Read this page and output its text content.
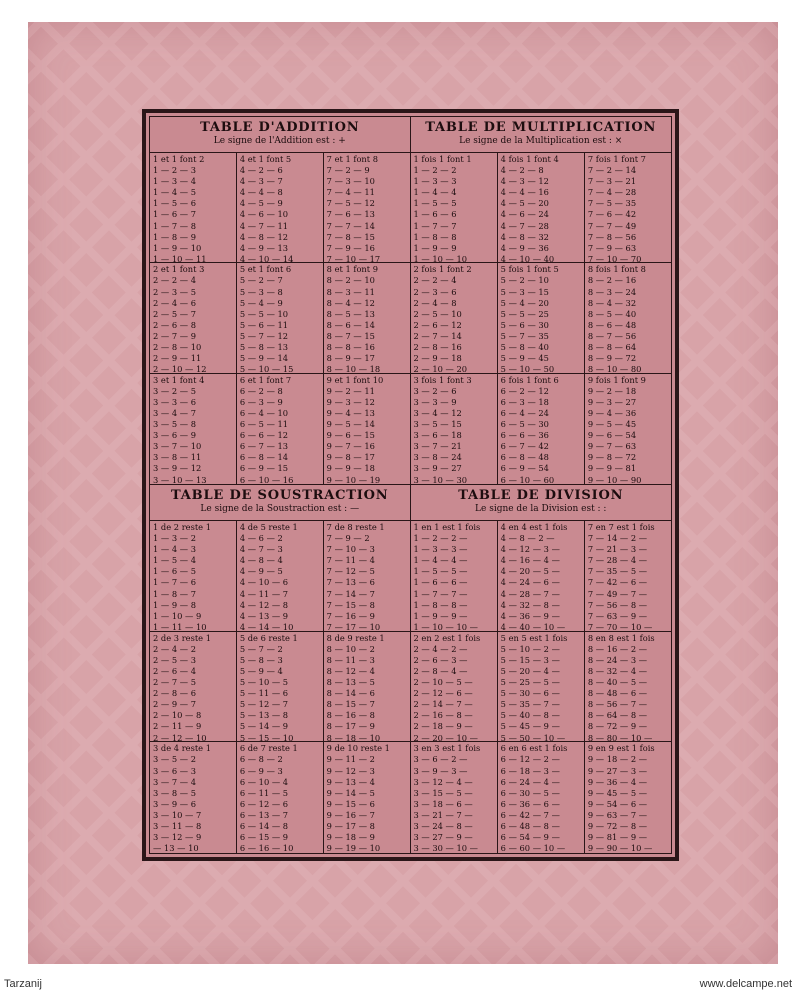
TABLE D'ADDITION
Le signe de l'Addition est : +
1 et 1 font 2
1 — 2 — 3
1 — 3 — 4
1 — 4 — 5
1 — 5 — 6
1 — 6 — 7
1 — 7 — 8
1 — 8 — 9
1 — 9 — 10
1 — 10 — 11
4 et 1 font 5
4 — 2 — 6
4 — 3 — 7
4 — 4 — 8
4 — 5 — 9
4 — 6 — 10
4 — 7 — 11
4 — 8 — 12
4 — 9 — 13
4 — 10 — 14
7 et 1 font 8
7 — 2 — 9
7 — 3 — 10
7 — 4 — 11
7 — 5 — 12
7 — 6 — 13
7 — 7 — 14
7 — 8 — 15
7 — 9 — 16
7 — 10 — 17
2 et 1 font 3
2 — 2 — 4
2 — 3 — 5
2 — 4 — 6
2 — 5 — 7
2 — 6 — 8
2 — 7 — 9
2 — 8 — 10
2 — 9 — 11
2 — 10 — 12
5 et 1 font 6
5 — 2 — 7
5 — 3 — 8
5 — 4 — 9
5 — 5 — 10
5 — 6 — 11
5 — 7 — 12
5 — 8 — 13
5 — 9 — 14
5 — 10 — 15
8 et 1 font 9
8 — 2 — 10
8 — 3 — 11
8 — 4 — 12
8 — 5 — 13
8 — 6 — 14
8 — 7 — 15
8 — 8 — 16
8 — 9 — 17
8 — 10 — 18
3 et 1 font 4
3 — 2 — 5
3 — 3 — 6
3 — 4 — 7
3 — 5 — 8
3 — 6 — 9
3 — 7 — 10
3 — 8 — 11
3 — 9 — 12
3 — 10 — 13
6 et 1 font 7
6 — 2 — 8
6 — 3 — 9
6 — 4 — 10
6 — 5 — 11
6 — 6 — 12
6 — 7 — 13
6 — 8 — 14
6 — 9 — 15
6 — 10 — 16
9 et 1 font 10
9 — 2 — 11
9 — 3 — 12
9 — 4 — 13
9 — 5 — 14
9 — 6 — 15
9 — 7 — 16
9 — 8 — 17
9 — 9 — 18
9 — 10 — 19
TABLE DE MULTIPLICATION
Le signe de la Multiplication est : ×
1 fois 1 font 1
1 — 2 — 2
1 — 3 — 3
1 — 4 — 4
1 — 5 — 5
1 — 6 — 6
1 — 7 — 7
1 — 8 — 8
1 — 9 — 9
1 — 10 — 10
4 fois 1 font 4
4 — 2 — 8
4 — 3 — 12
4 — 4 — 16
4 — 5 — 20
4 — 6 — 24
4 — 7 — 28
4 — 8 — 32
4 — 9 — 36
4 — 10 — 40
7 fois 1 font 7
7 — 2 — 14
7 — 3 — 21
7 — 4 — 28
7 — 5 — 35
7 — 6 — 42
7 — 7 — 49
7 — 8 — 56
7 — 9 — 63
7 — 10 — 70
2 fois 1 font 2
2 — 2 — 4
2 — 3 — 6
2 — 4 — 8
2 — 5 — 10
2 — 6 — 12
2 — 7 — 14
2 — 8 — 16
2 — 9 — 18
2 — 10 — 20
5 fois 1 font 5
5 — 2 — 10
5 — 3 — 15
5 — 4 — 20
5 — 5 — 25
5 — 6 — 30
5 — 7 — 35
5 — 8 — 40
5 — 9 — 45
5 — 10 — 50
8 fois 1 font 8
8 — 2 — 16
8 — 3 — 24
8 — 4 — 32
8 — 5 — 40
8 — 6 — 48
8 — 7 — 56
8 — 8 — 64
8 — 9 — 72
8 — 10 — 80
3 fois 1 font 3
3 — 2 — 6
3 — 3 — 9
3 — 4 — 12
3 — 5 — 15
3 — 6 — 18
3 — 7 — 21
3 — 8 — 24
3 — 9 — 27
3 — 10 — 30
6 fois 1 font 6
6 — 2 — 12
6 — 3 — 18
6 — 4 — 24
6 — 5 — 30
6 — 6 — 36
6 — 7 — 42
6 — 8 — 48
6 — 9 — 54
6 — 10 — 60
9 fois 1 font 9
9 — 2 — 18
9 — 3 — 27
9 — 4 — 36
9 — 5 — 45
9 — 6 — 54
9 — 7 — 63
9 — 8 — 72
9 — 9 — 81
9 — 10 — 90
TABLE DE SOUSTRACTION
Le signe de la Soustraction est : —
1 de 2 reste 1
1 — 3 — 2
1 — 4 — 3
1 — 5 — 4
1 — 6 — 5
1 — 7 — 6
1 — 8 — 7
1 — 9 — 8
1 — 10 — 9
1 — 11 — 10
4 de 5 reste 1
4 — 6 — 2
4 — 7 — 3
4 — 8 — 4
4 — 9 — 5
4 — 10 — 6
4 — 11 — 7
4 — 12 — 8
4 — 13 — 9
4 — 14 — 10
7 de 8 reste 1
7 — 9 — 2
7 — 10 — 3
7 — 11 — 4
7 — 12 — 5
7 — 13 — 6
7 — 14 — 7
7 — 15 — 8
7 — 16 — 9
7 — 17 — 10
2 de 3 reste 1
2 — 4 — 2
2 — 5 — 3
2 — 6 — 4
2 — 7 — 5
2 — 8 — 6
2 — 9 — 7
2 — 10 — 8
2 — 11 — 9
2 — 12 — 10
5 de 6 reste 1
5 — 7 — 2
5 — 8 — 3
5 — 9 — 4
5 — 10 — 5
5 — 11 — 6
5 — 12 — 7
5 — 13 — 8
5 — 14 — 9
5 — 15 — 10
8 de 9 reste 1
8 — 10 — 2
8 — 11 — 3
8 — 12 — 4
8 — 13 — 5
8 — 14 — 6
8 — 15 — 7
8 — 16 — 8
8 — 17 — 9
8 — 18 — 10
3 de 4 reste 1
3 — 5 — 2
3 — 6 — 3
3 — 7 — 4
3 — 8 — 5
3 — 9 — 6
3 — 10 — 7
3 — 11 — 8
3 — 12 — 9
— 13 — 10
6 de 7 reste 1
6 — 8 — 2
6 — 9 — 3
6 — 10 — 4
6 — 11 — 5
6 — 12 — 6
6 — 13 — 7
6 — 14 — 8
6 — 15 — 9
6 — 16 — 10
9 de 10 reste 1
9 — 11 — 2
9 — 12 — 3
9 — 13 — 4
9 — 14 — 5
9 — 15 — 6
9 — 16 — 7
9 — 17 — 8
9 — 18 — 9
9 — 19 — 10
TABLE DE DIVISION
Le signe de la Division est : :
1 en 1 est 1 fois
1 — 2 — 2 —
1 — 3 — 3 —
1 — 4 — 4 —
1 — 5 — 5 —
1 — 6 — 6 —
1 — 7 — 7 —
1 — 8 — 8 —
1 — 9 — 9 —
1 — 10 — 10 —
4 en 4 est 1 fois
4 — 8 — 2 —
4 — 12 — 3 —
4 — 16 — 4 —
4 — 20 — 5 —
4 — 24 — 6 —
4 — 28 — 7 —
4 — 32 — 8 —
4 — 36 — 9 —
4 — 40 — 10 —
7 en 7 est 1 fois
7 — 14 — 2 —
7 — 21 — 3 —
7 — 28 — 4 —
7 — 35 — 5 —
7 — 42 — 6 —
7 — 49 — 7 —
7 — 56 — 8 —
7 — 63 — 9 —
7 — 70 — 10 —
2 en 2 est 1 fois
2 — 4 — 2 —
2 — 6 — 3 —
2 — 8 — 4 —
2 — 10 — 5 —
2 — 12 — 6 —
2 — 14 — 7 —
2 — 16 — 8 —
2 — 18 — 9 —
2 — 20 — 10 —
5 en 5 est 1 fois
5 — 10 — 2 —
5 — 15 — 3 —
5 — 20 — 4 —
5 — 25 — 5 —
5 — 30 — 6 —
5 — 35 — 7 —
5 — 40 — 8 —
5 — 45 — 9 —
5 — 50 — 10 —
8 en 8 est 1 fois
8 — 16 — 2 —
8 — 24 — 3 —
8 — 32 — 4 —
8 — 40 — 5 —
8 — 48 — 6 —
8 — 56 — 7 —
8 — 64 — 8 —
8 — 72 — 9 —
8 — 80 — 10 —
3 en 3 est 1 fois
3 — 6 — 2 —
3 — 9 — 3 —
3 — 12 — 4 —
3 — 15 — 5 —
3 — 18 — 6 —
3 — 21 — 7 —
3 — 24 — 8 —
3 — 27 — 9 —
3 — 30 — 10 —
6 en 6 est 1 fois
6 — 12 — 2 —
6 — 18 — 3 —
6 — 24 — 4 —
6 — 30 — 5 —
6 — 36 — 6 —
6 — 42 — 7 —
6 — 48 — 8 —
6 — 54 — 9 —
6 — 60 — 10 —
9 en 9 est 1 fois
9 — 18 — 2 —
9 — 27 — 3 —
9 — 36 — 4 —
9 — 45 — 5 —
9 — 54 — 6 —
9 — 63 — 7 —
9 — 72 — 8 —
9 — 81 — 9 —
9 — 90 — 10 —
Tarzanij	www.delcampe.net
